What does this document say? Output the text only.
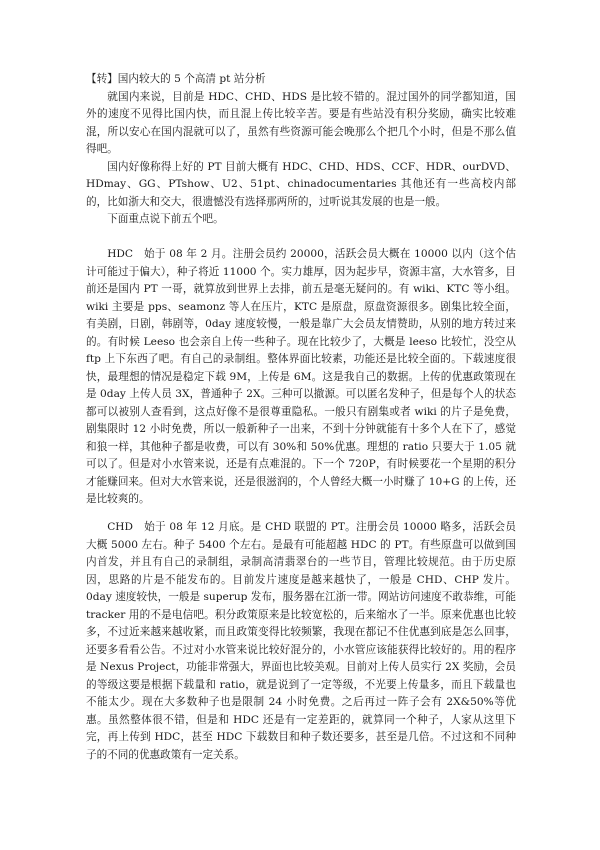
【转】国内较大的 5 个高清 pt 站分析

就国内来说，目前是 HDC、CHD、HDS 是比较不错的。混过国外的同学都知道，国外的速度不见得比国内快，而且混上传比较辛苦。要是有些站没有积分奖励，确实比较难混，所以安心在国内混就可以了，虽然有些资源可能会晚那么个把几个小时，但是不那么值得吧。

国内好像称得上好的 PT 目前大概有 HDC、CHD、HDS、CCF、HDR、ourDVD、HDmay、GG、PTshow、U2、51pt、chinadocumentaries 其他还有一些高校内部的，比如浙大和交大，很遗憾没有选择那两所的，过听说其发展的也是一般。

下面重点说下前五个吧。

HDC　始于 08 年 2 月。注册会员约 20000，活跃会员大概在 10000 以内（这个估计可能过于偏大），种子将近 11000 个。实力雄厚，因为起步早，资源丰富，大水管多，目前还是国内 PT 一哥，就算放到世界上去排，前五是毫无疑问的。有 wiki、KTC 等小组。wiki 主要是 pps、seamonz 等人在压片，KTC 是原盘，原盘资源很多。剧集比较全面，有美剧，日剧，韩剧等，0day 速度较慢，一般是靠广大会员友情赞助，从别的地方转过来的。有时候 Leeso 也会亲自上传一些种子。现在比较少了，大概是 leeso 比较忙，没空从 ftp 上下东西了吧。有自己的录制组。整体界面比较素，功能还是比较全面的。下载速度很快，最理想的情况是稳定下载 9M，上传是 6M。这是我自己的数据。上传的优惠政策现在是 0day 上传人员 3X，普通种子 2X。三种可以撤源。可以匿名发种子，但是每个人的状态都可以被别人查看到，这点好像不是很尊重隐私。一般只有剧集或者 wiki 的片子是免费，剧集限时 12 小时免费，所以一般新种子一出来，不到十分钟就能有十多个人在下了，感觉和狼一样，其他种子都是收费，可以有 30%和 50%优惠。理想的 ratio 只要大于 1.05 就可以了。但是对小水管来说，还是有点难混的。下一个 720P，有时候要花一个星期的积分才能赚回来。但对大水管来说，还是很滋润的，个人曾经大概一小时赚了 10+G 的上传，还是比较爽的。

CHD　始于 08 年 12 月底。是 CHD 联盟的 PT。注册会员 10000 略多，活跃会员大概 5000 左右。种子 5400 个左右。是最有可能超越 HDC 的 PT。有些原盘可以做到国内首发，并且有自己的录制组，录制高清翡翠台的一些节目，管理比较规范。由于历史原因，思路的片是不能发布的。目前发片速度是越来越快了，一般是 CHD、CHP 发片。0day 速度较快，一般是 superup 发布，服务器在江浙一带。网站访问速度不敢恭维，可能 tracker 用的不是电信吧。积分政策原来是比较宽松的，后来缩水了一半。原来优惠也比较多，不过近来越来越收紧，而且政策变得比较频繁，我现在都记不住优惠到底是怎么回事，还要多看看公告。不过对小水管来说比较好混分的，小水管应该能获得比较好的。用的程序是 Nexus Project，功能非常强大，界面也比较美观。目前对上传人员实行 2X 奖励，会员的等级这要是根据下载量和 ratio，就是说到了一定等级，不光要上传量多，而且下载量也不能太少。现在大多数种子也是限制 24 小时免费。之后再过一阵子会有 2X&50%等优惠。虽然整体很不错，但是和 HDC 还是有一定差距的，就算同一个种子，人家从这里下完，再上传到 HDC，甚至 HDC 下载数目和种子数还要多，甚至是几倍。不过这和不同种子的不同的优惠政策有一定关系。
